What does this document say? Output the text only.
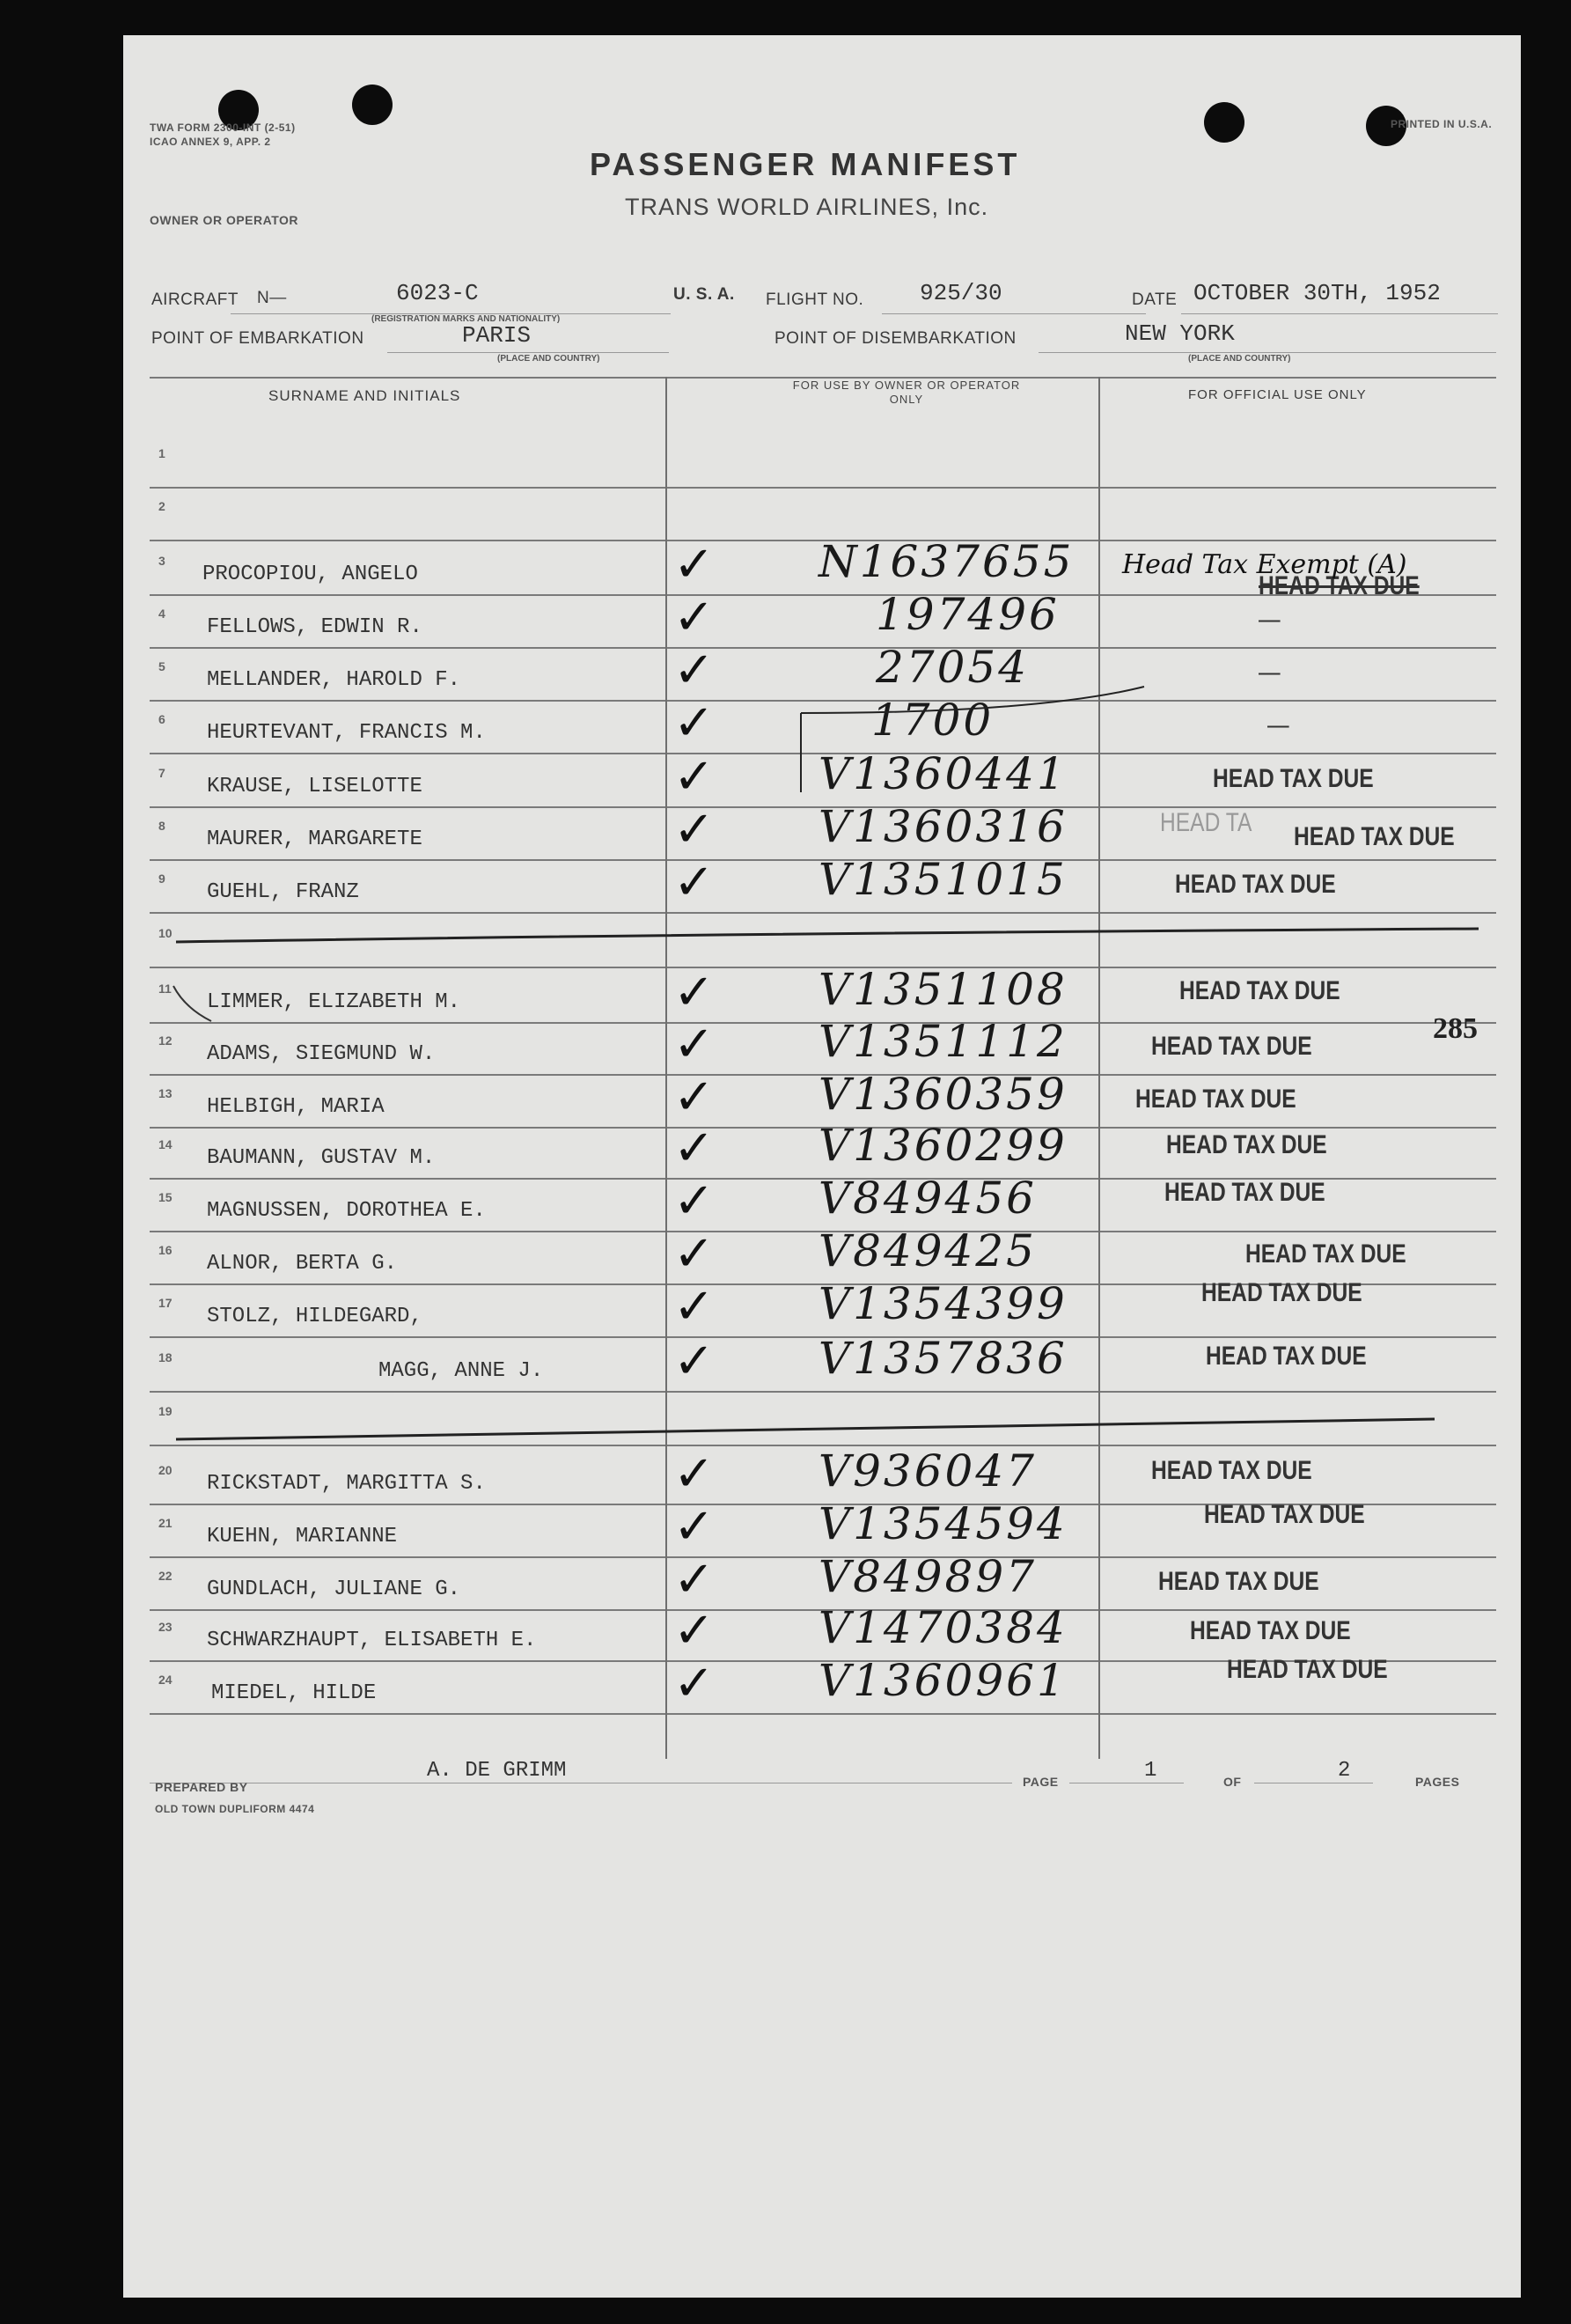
TWA FORM 2300-INT (2-51)
ICAO ANNEX 9, APP. 2
PRINTED IN U.S.A.
PASSENGER MANIFEST
TRANS WORLD AIRLINES, Inc.
OWNER OR OPERATOR
AIRCRAFT N—	6023-C
(REGISTRATION MARKS AND NATIONALITY)
U. S. A. FLIGHT NO. 925/30	DATE OCTOBER 30TH, 1952
POINT OF EMBARKATION	PARIS
(PLACE AND COUNTRY)
POINT OF DISEMBARKATION	NEW YORK
(PLACE AND COUNTRY)
SURNAME AND INITIALS
FOR USE BY OWNER OR OPERATOR ONLY	FOR OFFICIAL USE ONLY
1
2
3
PROCOPIOU, ANGELO	✓ N1637655	HEAD TAX DUE
4
FELLOWS, EDWIN R.	✓	197496	—
5
MELLANDER, HAROLD F.	✓	27054	—
6
HEURTEVANT, FRANCIS M.	✓	1700	—
7
KRAUSE, LISELOTTE	✓ V1360441	HEAD TAX DUE
8
MAURER, MARGARETE	✓ V1360316	HEAD TAX DUE
9
GUEHL, FRANZ	✓ V1351015	HEAD TAX DUE
10
11
LIMMER, ELIZABETH M.	✓ V1351108	HEAD TAX DUE
12
ADAMS, SIEGMUND W.	✓ V1351112	HEAD TAX DUE
13
HELBIGH, MARIA	✓ V1360359	HEAD TAX DUE
14
BAUMANN, GUSTAV M.	✓ V1360299	HEAD TAX DUE
15
MAGNUSSEN, DOROTHEA E.	✓ V849456	HEAD TAX DUE
16
ALNOR, BERTA G.	✓ V849425	HEAD TAX DUE
17
STOLZ, HILDEGARD,	✓ V1354399	HEAD TAX DUE
18
MAGG, ANNE J.	✓ V1357836	HEAD TAX DUE
19
20
RICKSTADT, MARGITTA S.	✓ V936047	HEAD TAX DUE
21
KUEHN, MARIANNE	✓ V1354594	HEAD TAX DUE
22
GUNDLACH, JULIANE G.	✓ V849897	HEAD TAX DUE
23
SCHWARZHAUPT, ELISABETH E.	✓ V1470384	HEAD TAX DUE
24
MIEDEL, HILDE	✓ V1360961	HEAD TAX DUE
Head Tax Exempt (A)
HEAD TA
285
PREPARED BY
A. DE GRIMM	PAGE	1	OF	2	PAGES
OLD TOWN DUPLIFORM 4474
